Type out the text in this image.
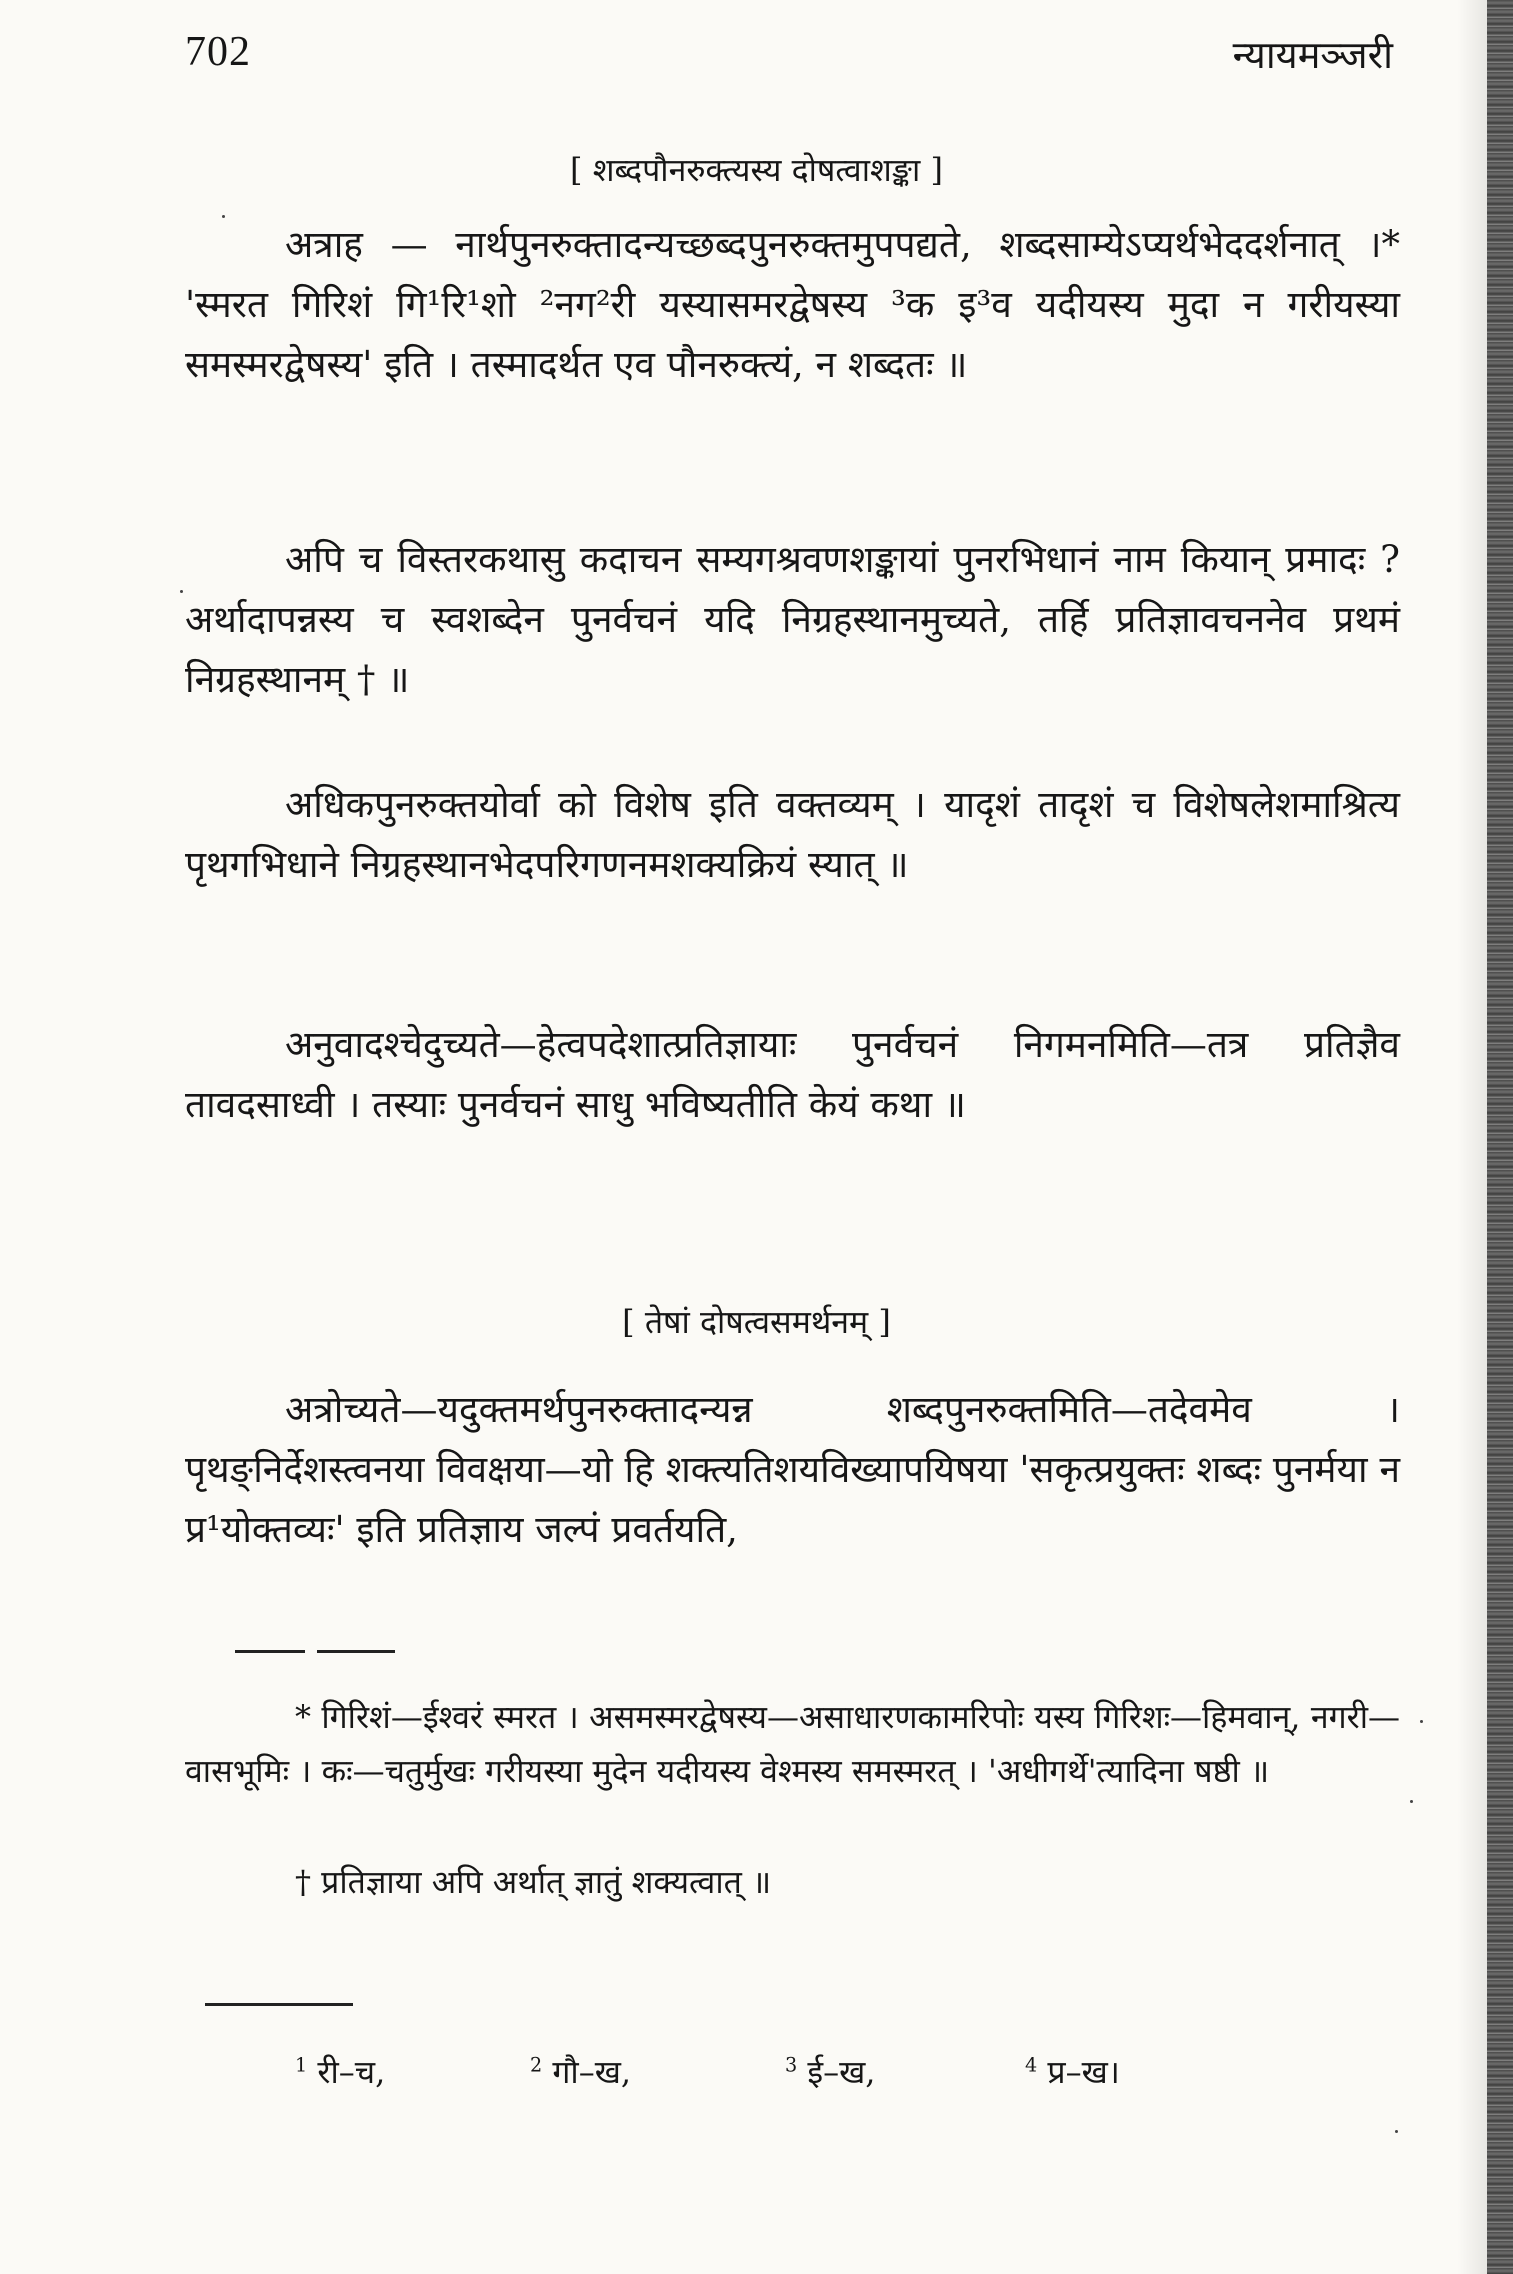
702	न्यायमञ्जरी
[ शब्दपौनरुक्त्यस्य दोषत्वाशङ्का ]

अत्राह — नार्थपुनरुक्तादन्यच्छब्दपुनरुक्तमुपपद्यते, शब्दसाम्येऽप्यर्थभेददर्शनात् ।* 'स्मरत गिरिशं गि¹रि¹शो ²नग²री यस्यासमरद्वेषस्य ³क इ³व यदीयस्य मुदा न गरीयस्या समस्मरद्वेषस्य' इति । तस्मादर्थत एव पौनरुक्त्यं, न शब्दतः ॥

अपि च विस्तरकथासु कदाचन सम्यगश्रवणशङ्कायां पुनरभिधानं नाम कियान् प्रमादः ? अर्थादापन्नस्य च स्वशब्देन पुनर्वचनं यदि निग्रहस्थानमुच्यते, तर्हि प्रतिज्ञावचननेव प्रथमं निग्रहस्थानम् † ॥

अधिकपुनरुक्तयोर्वा को विशेष इति वक्तव्यम् । यादृशं तादृशं च विशेषलेशमाश्रित्य पृथगभिधाने निग्रहस्थानभेदपरिगणनमशक्यक्रियं स्यात् ॥

अनुवादश्चेदुच्यते—हेत्वपदेशात्प्रतिज्ञायाः पुनर्वचनं निगमनमिति—तत्र प्रतिज्ञैव तावदसाध्वी । तस्याः पुनर्वचनं साधु भविष्यतीति केयं कथा ॥

[ तेषां दोषत्वसमर्थनम् ]

अत्रोच्यते—यदुक्तमर्थपुनरुक्तादन्यन्न शब्दपुनरुक्तमिति—तदेवमेव । पृथङ्निर्देशस्त्वनया विवक्षया—यो हि शक्त्यतिशयविख्यापयिषया 'सकृत्प्रयुक्तः शब्दः पुनर्मया न प्र¹योक्तव्यः' इति प्रतिज्ञाय जल्पं प्रवर्तयति,

* गिरिशं—ईश्वरं स्मरत । असमस्मरद्वेषस्य—असाधारणकामरिपोः यस्य गिरिशः—हिमवान्, नगरी—वासभूमिः । कः—चतुर्मुखः गरीयस्या मुदेन यदीयस्य वेश्मस्य समस्मरत् । 'अधीगर्थे'त्यादिना षष्ठी ॥

† प्रतिज्ञाया अपि अर्थात् ज्ञातुं शक्यत्वात् ॥

$^1$ री–च,	$^2$ गौ–ख,	$^3$ ई–ख,	$^4$ प्र–ख।
